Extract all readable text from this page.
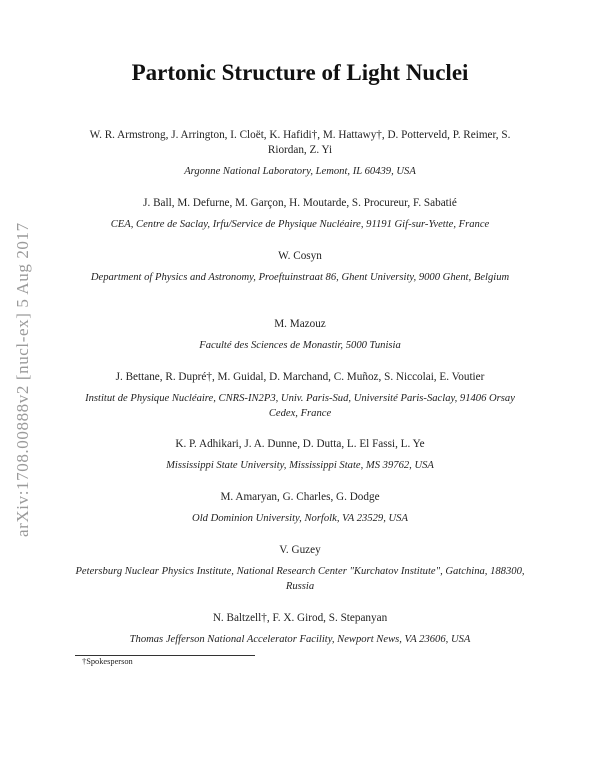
arXiv:1708.00888v2 [nucl-ex] 5 Aug 2017
Partonic Structure of Light Nuclei
W. R. Armstrong, J. Arrington, I. Cloët, K. Hafidi†, M. Hattawy†, D. Potterveld, P. Reimer, S. Riordan, Z. Yi
Argonne National Laboratory, Lemont, IL 60439, USA
J. Ball, M. Defurne, M. Garçon, H. Moutarde, S. Procureur, F. Sabatié
CEA, Centre de Saclay, Irfu/Service de Physique Nucléaire, 91191 Gif-sur-Yvette, France
W. Cosyn
Department of Physics and Astronomy, Proeftuinstraat 86, Ghent University, 9000 Ghent, Belgium
M. Mazouz
Faculté des Sciences de Monastir, 5000 Tunisia
J. Bettane, R. Dupré†, M. Guidal, D. Marchand, C. Muñoz, S. Niccolai, E. Voutier
Institut de Physique Nucléaire, CNRS-IN2P3, Univ. Paris-Sud, Université Paris-Saclay, 91406 Orsay Cedex, France
K. P. Adhikari, J. A. Dunne, D. Dutta, L. El Fassi, L. Ye
Mississippi State University, Mississippi State, MS 39762, USA
M. Amaryan, G. Charles, G. Dodge
Old Dominion University, Norfolk, VA 23529, USA
V. Guzey
Petersburg Nuclear Physics Institute, National Research Center "Kurchatov Institute", Gatchina, 188300, Russia
N. Baltzell†, F. X. Girod, S. Stepanyan
Thomas Jefferson National Accelerator Facility, Newport News, VA 23606, USA
†Spokesperson
